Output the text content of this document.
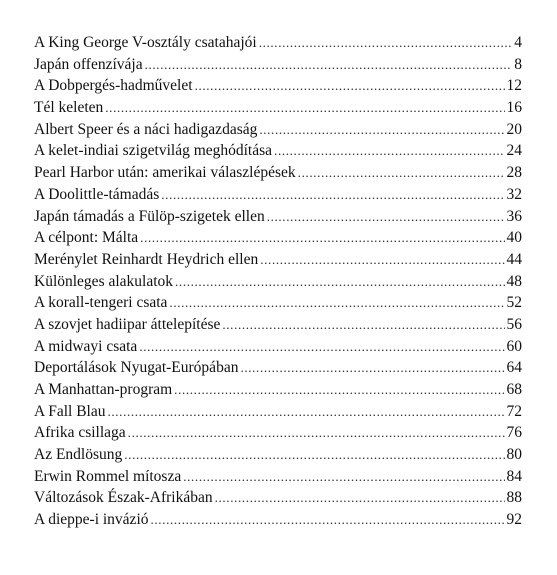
A King George V-osztály csatahajói . . .	4
Japán offenzívája . . .	8
A Dobpergés-hadművelet . . .	12
Tél keleten . . .	16
Albert Speer és a náci hadigazdaság . . .	20
A kelet-indiai szigetvilág meghódítása . . .	24
Pearl Harbor után: amerikai válaszlépések . . .	28
A Doolittle-támadás . . .	32
Japán támadás a Fülöp-szigetek ellen . . .	36
A célpont: Málta . . .	40
Merénylet Reinhardt Heydrich ellen . . .	44
Különleges alakulatok . . .	48
A korall-tengeri csata . . .	52
A szovjet hadiipar áttelepítése . . .	56
A midwayi csata . . .	60
Deportálások Nyugat-Európában . . .	64
A Manhattan-program . . .	68
A Fall Blau . . .	72
Afrika csillaga . . .	76
Az Endlösung . . .	80
Erwin Rommel mítosza . . .	84
Változások Észak-Afrikában . . .	88
A dieppe-i invázió . . .	92
